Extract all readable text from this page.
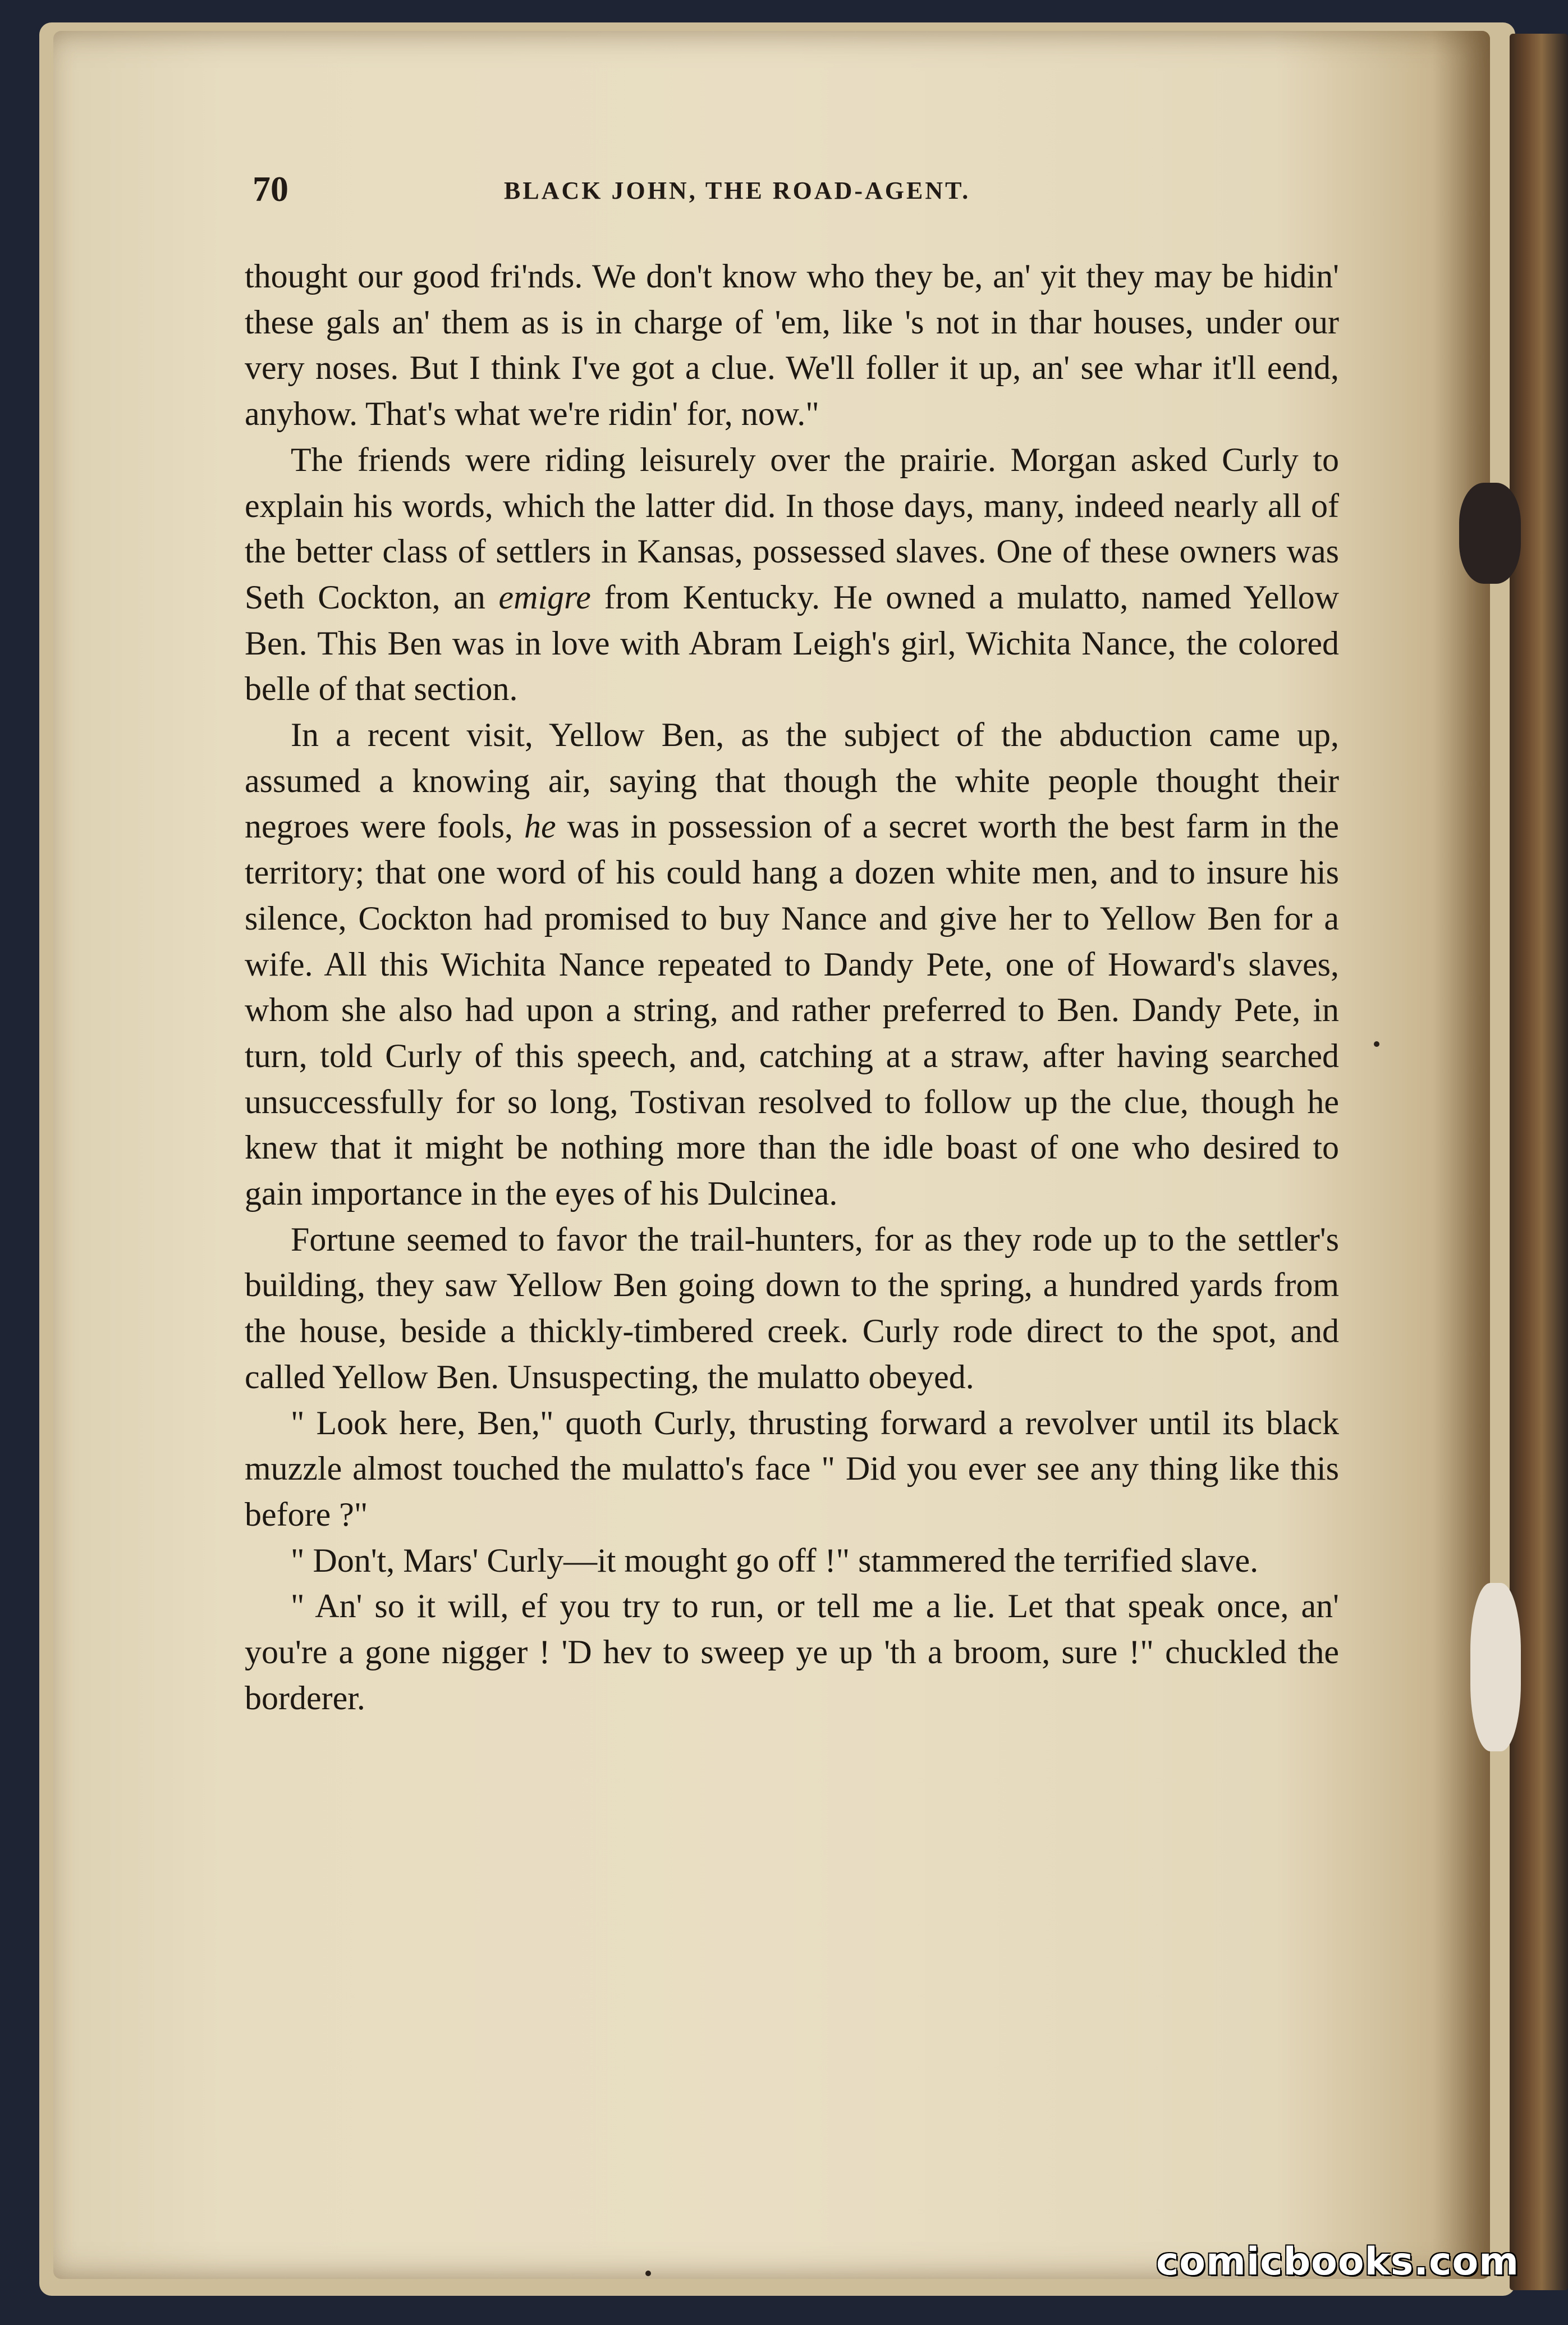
70	BLACK JOHN, THE ROAD-AGENT.

thought our good fri'nds. We don't know who they be, an' yit they may be hidin' these gals an' them as is in charge of 'em, like 's not in thar houses, under our very noses. But I think I've got a clue. We'll foller it up, an' see whar it'll eend, anyhow. That's what we're ridin' for, now."

The friends were riding leisurely over the prairie. Morgan asked Curly to explain his words, which the latter did. In those days, many, indeed nearly all of the better class of settlers in Kansas, possessed slaves. One of these owners was Seth Cockton, an emigre from Kentucky. He owned a mulatto, named Yellow Ben. This Ben was in love with Abram Leigh's girl, Wichita Nance, the colored belle of that section.

In a recent visit, Yellow Ben, as the subject of the abduction came up, assumed a knowing air, saying that though the white people thought their negroes were fools, he was in possession of a secret worth the best farm in the territory; that one word of his could hang a dozen white men, and to insure his silence, Cockton had promised to buy Nance and give her to Yellow Ben for a wife. All this Wichita Nance repeated to Dandy Pete, one of Howard's slaves, whom she also had upon a string, and rather preferred to Ben. Dandy Pete, in turn, told Curly of this speech, and, catching at a straw, after having searched unsuccessfully for so long, Tostivan resolved to follow up the clue, though he knew that it might be nothing more than the idle boast of one who desired to gain importance in the eyes of his Dulcinea.

Fortune seemed to favor the trail-hunters, for as they rode up to the settler's building, they saw Yellow Ben going down to the spring, a hundred yards from the house, beside a thickly-timbered creek. Curly rode direct to the spot, and called Yellow Ben. Unsuspecting, the mulatto obeyed.

" Look here, Ben," quoth Curly, thrusting forward a revolver until its black muzzle almost touched the mulatto's face " Did you ever see any thing like this before ?"

" Don't, Mars' Curly—it mought go off !" stammered the terrified slave.

" An' so it will, ef you try to run, or tell me a lie. Let that speak once, an' you're a gone nigger ! 'D hev to sweep ye up 'th a broom, sure !" chuckled the borderer.

comicbooks.com
